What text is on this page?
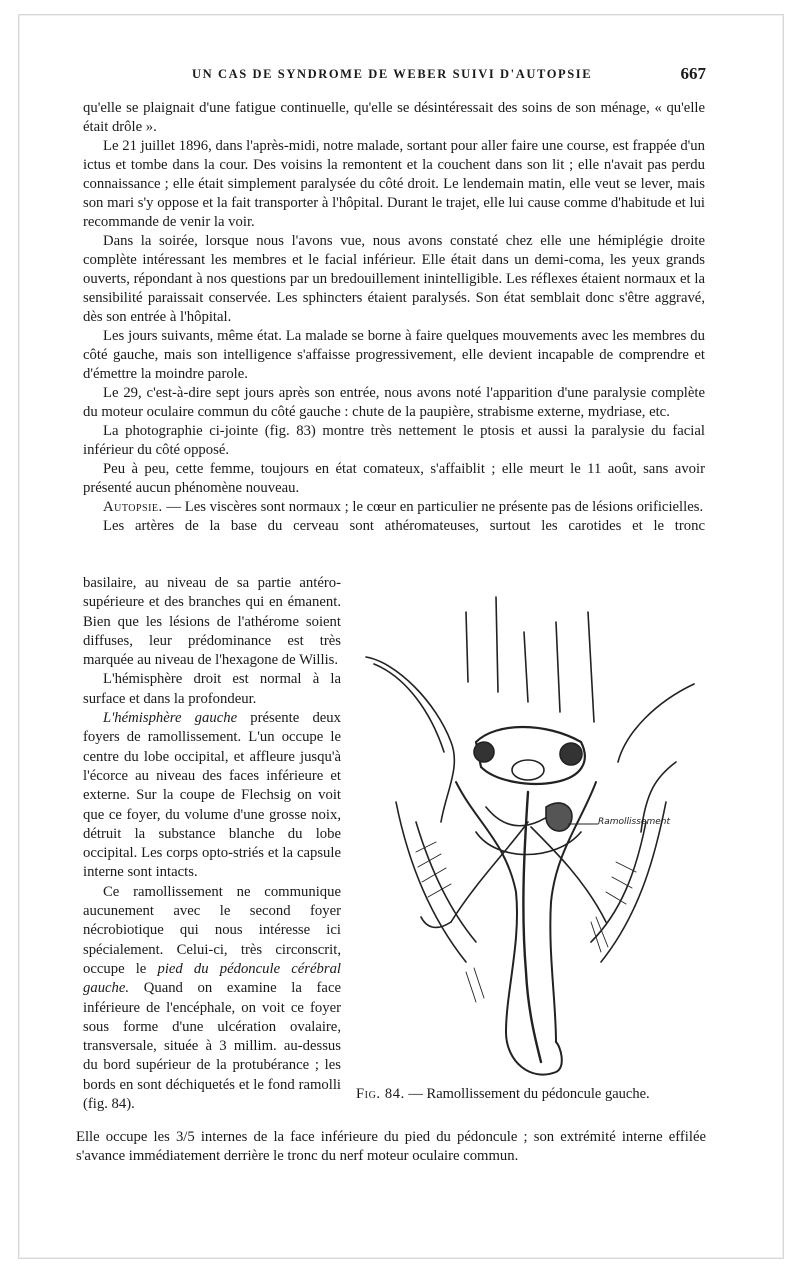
UN CAS DE SYNDROME DE WEBER SUIVI D'AUTOPSIE	667

qu'elle se plaignait d'une fatigue continuelle, qu'elle se désintéressait des soins de son ménage, « qu'elle était drôle ».

Le 21 juillet 1896, dans l'après-midi, notre malade, sortant pour aller faire une course, est frappée d'un ictus et tombe dans la cour. Des voisins la remontent et la couchent dans son lit ; elle n'avait pas perdu connaissance ; elle était simplement paralysée du côté droit. Le lendemain matin, elle veut se lever, mais son mari s'y oppose et la fait transporter à l'hôpital. Durant le trajet, elle lui cause comme d'habitude et lui recommande de venir la voir.

Dans la soirée, lorsque nous l'avons vue, nous avons constaté chez elle une hémiplégie droite complète intéressant les membres et le facial inférieur. Elle était dans un demi-coma, les yeux grands ouverts, répondant à nos questions par un bredouillement inintelligible. Les réflexes étaient normaux et la sensibilité paraissait conservée. Les sphincters étaient paralysés. Son état semblait donc s'être aggravé, dès son entrée à l'hôpital.

Les jours suivants, même état. La malade se borne à faire quelques mouvements avec les membres du côté gauche, mais son intelligence s'affaisse progressivement, elle devient incapable de comprendre et d'émettre la moindre parole.

Le 29, c'est-à-dire sept jours après son entrée, nous avons noté l'apparition d'une paralysie complète du moteur oculaire commun du côté gauche : chute de la paupière, strabisme externe, mydriase, etc.

La photographie ci-jointe (fig. 83) montre très nettement le ptosis et aussi la paralysie du facial inférieur du côté opposé.

Peu à peu, cette femme, toujours en état comateux, s'affaiblit ; elle meurt le 11 août, sans avoir présenté aucun phénomène nouveau.

Autopsie. — Les viscères sont normaux ; le cœur en particulier ne présente pas de lésions orificielles.

Les artères de la base du cerveau sont athéromateuses, surtout les carotides et le tronc

basilaire, au niveau de sa partie antéro-supérieure et des branches qui en émanent. Bien que les lésions de l'athérome soient diffuses, leur prédominance est très marquée au niveau de l'hexagone de Willis.

L'hémisphère droit est normal à la surface et dans la profondeur.

L'hémisphère gauche présente deux foyers de ramollissement. L'un occupe le centre du lobe occipital, et affleure jusqu'à l'écorce au niveau des faces inférieure et externe. Sur la coupe de Flechsig on voit que ce foyer, du volume d'une grosse noix, détruit la substance blanche du lobe occipital. Les corps opto-striés et la capsule interne sont intacts.

Ce ramollissement ne communique aucunement avec le second foyer nécrobiotique qui nous intéresse ici spécialement. Celui-ci, très circonscrit, occupe le pied du pédoncule cérébral gauche. Quand on examine la face inférieure de l'encéphale, on voit ce foyer sous forme d'une ulcération ovalaire, transversale, située à 3 millim. au-dessus du bord supérieur de la protubérance ; les bords en sont déchiquetés et le fond ramolli (fig. 84).

Ramollissement
Fig. 84. — Ramollissement du pédoncule gauche.

Elle occupe les 3/5 internes de la face inférieure du pied du pédoncule ; son extrémité interne effilée s'avance immédiatement derrière le tronc du nerf moteur oculaire commun.
